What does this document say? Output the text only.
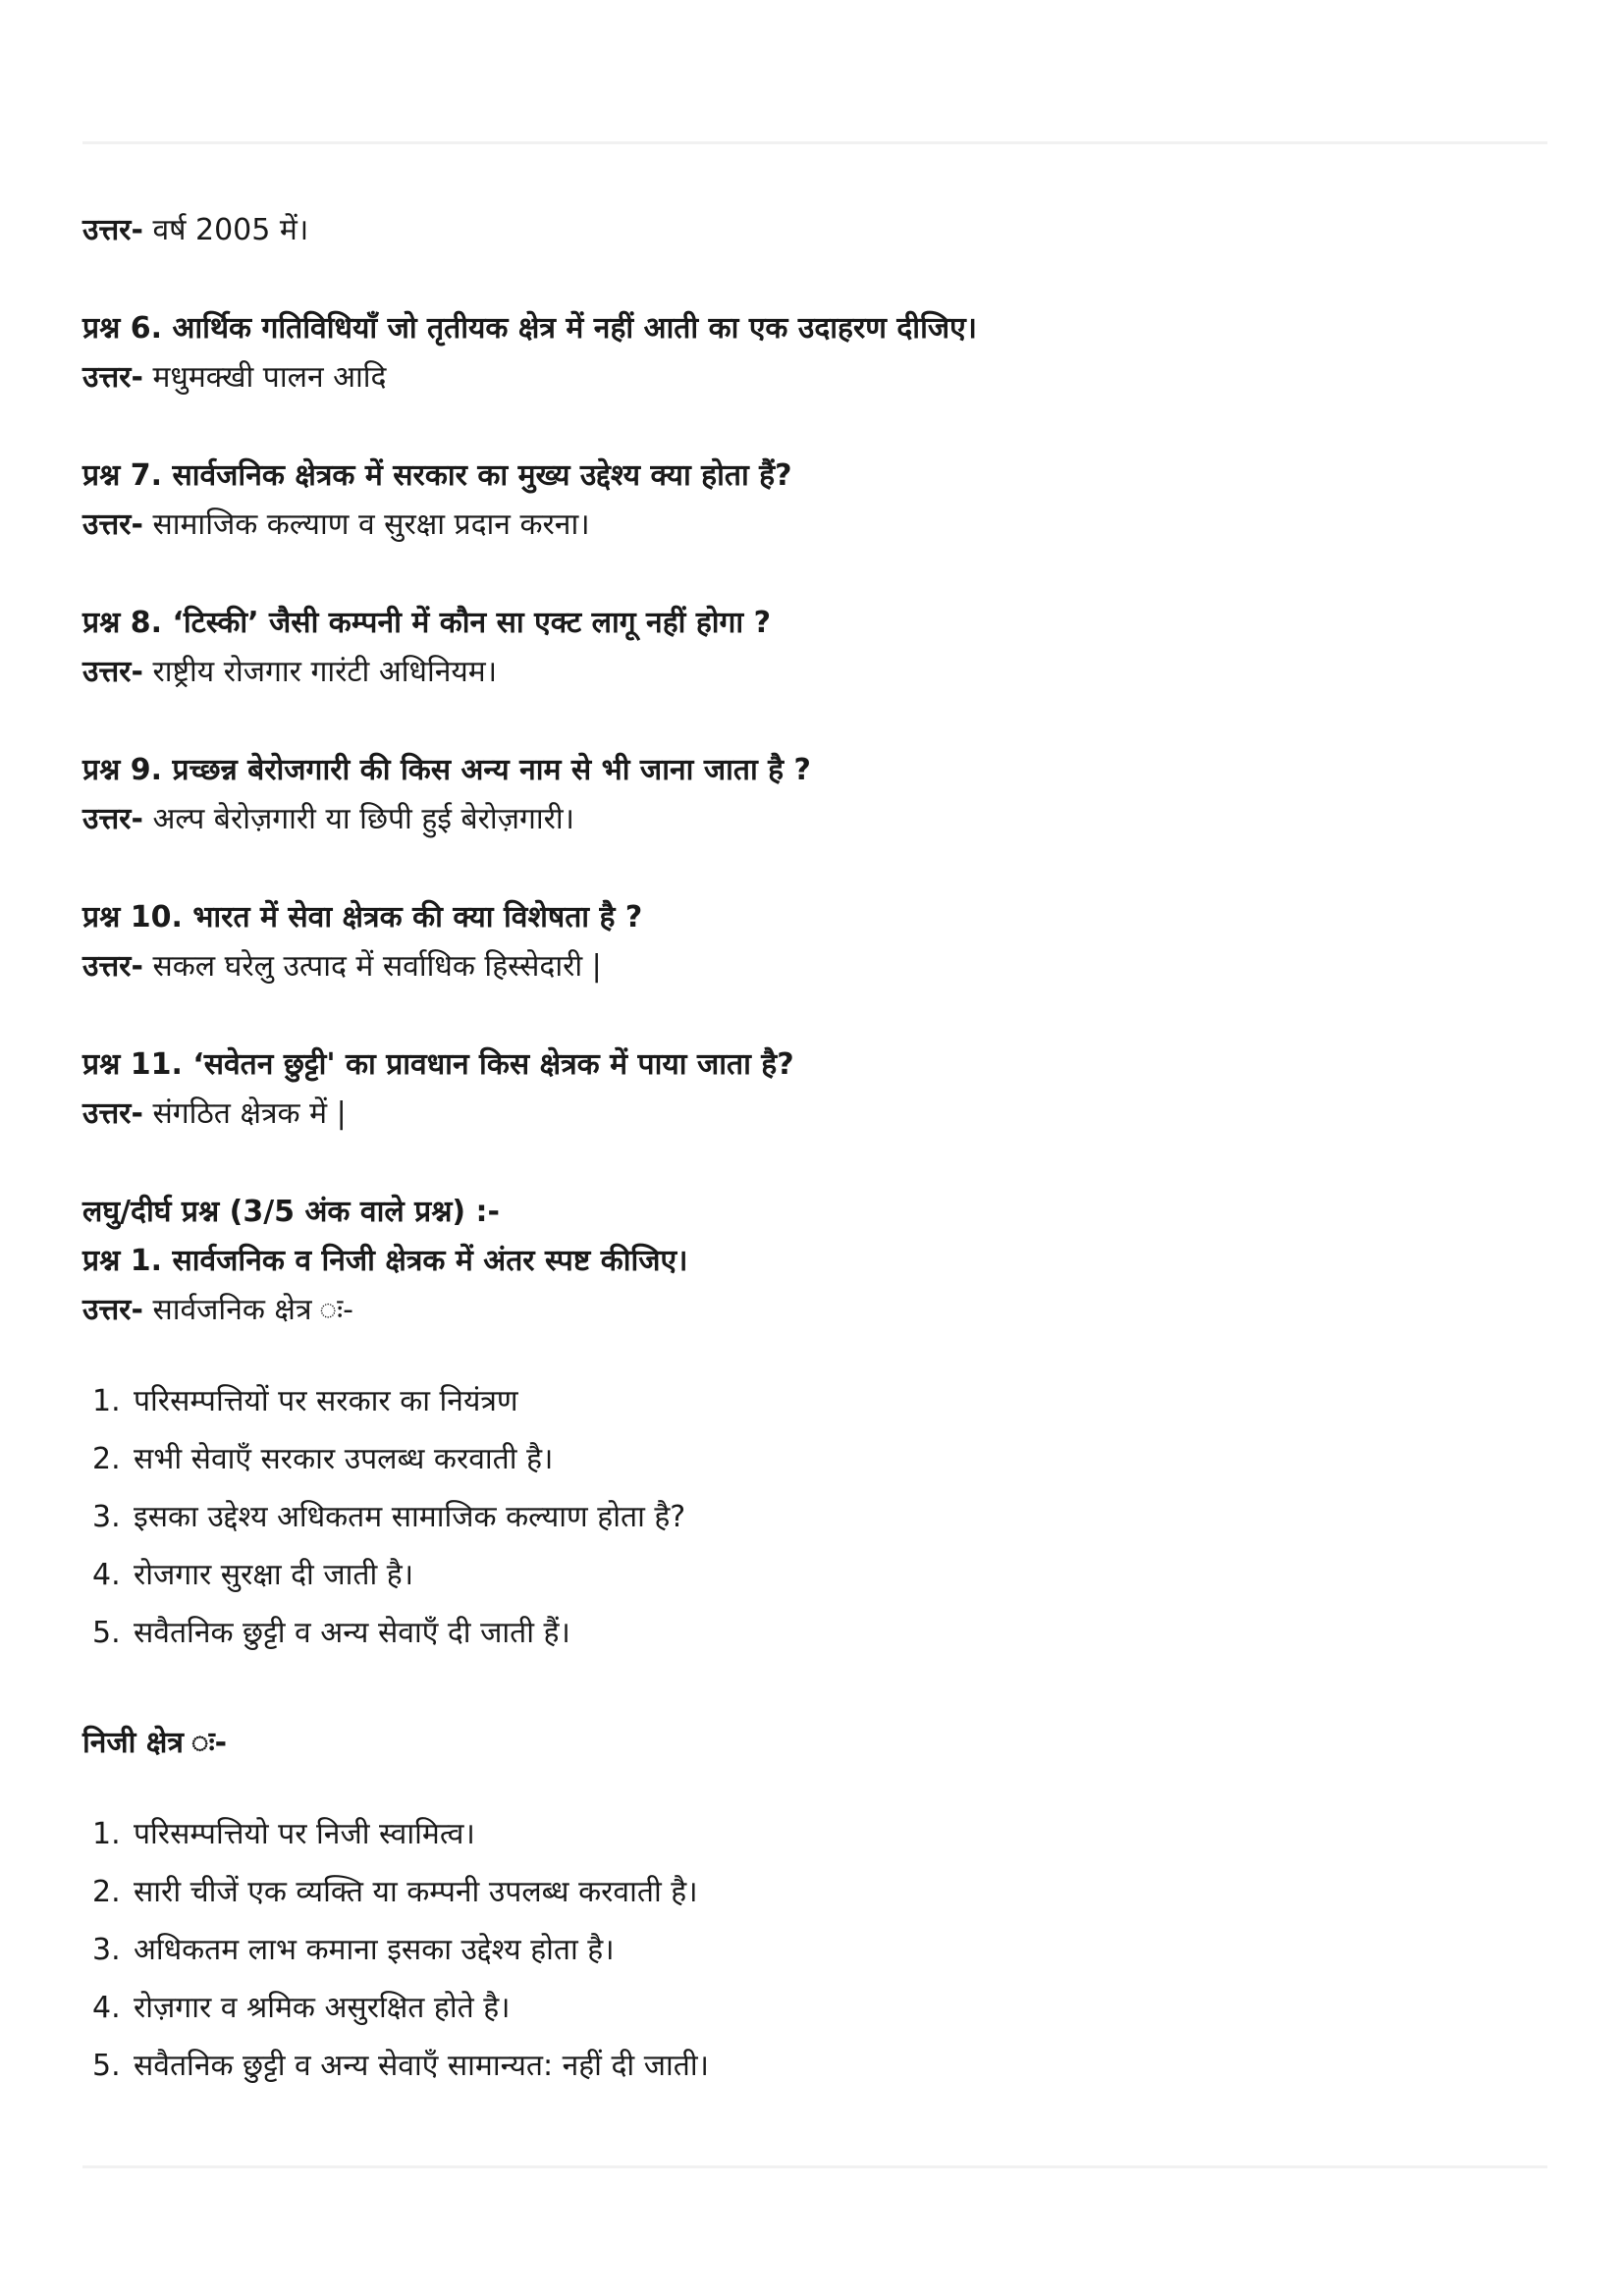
उत्तर- वर्ष 2005 में।
प्रश्न 6. आर्थिक गतिविधियाँ जो तृतीयक क्षेत्र में नहीं आती का एक उदाहरण दीजिए।
उत्तर- मधुमक्खी पालन आदि
प्रश्न 7. सार्वजनिक क्षेत्रक में सरकार का मुख्य उद्देश्य क्या होता हैं?
उत्तर- सामाजिक कल्याण व सुरक्षा प्रदान करना।
प्रश्न 8. ‘टिस्की’ जैसी कम्पनी में कौन सा एक्ट लागू नहीं होगा ?
उत्तर- राष्ट्रीय रोजगार गारंटी अधिनियम।
प्रश्न 9. प्रच्छन्न बेरोजगारी की किस अन्य नाम से भी जाना जाता है ?
उत्तर- अल्प बेरोज़गारी या छिपी हुई बेरोज़गारी।
प्रश्न 10. भारत में सेवा क्षेत्रक की क्या विशेषता है ?
उत्तर- सकल घरेलु उत्पाद में सर्वाधिक हिस्सेदारी |
प्रश्न 11. ‘सवेतन छुट्टी' का प्रावधान किस क्षेत्रक में पाया जाता है?
उत्तर- संगठित क्षेत्रक में |
लघु/दीर्घ प्रश्न (3/5 अंक वाले प्रश्न) :-
प्रश्न 1. सार्वजनिक व निजी क्षेत्रक में अंतर स्पष्ट कीजिए।
उत्तर- सार्वजनिक क्षेत्र ः-
1. परिसम्पत्तियों पर सरकार का नियंत्रण
2. सभी सेवाएँ सरकार उपलब्ध करवाती है।
3. इसका उद्देश्य अधिकतम सामाजिक कल्याण होता है?
4. रोजगार सुरक्षा दी जाती है।
5. सवैतनिक छुट्टी व अन्य सेवाएँ दी जाती हैं।
निजी क्षेत्र ः-
1. परिसम्पत्तियो पर निजी स्वामित्व।
2. सारी चीजें एक व्यक्ति या कम्पनी उपलब्ध करवाती है।
3. अधिकतम लाभ कमाना इसका उद्देश्य होता है।
4. रोज़गार व श्रमिक असुरक्षित होते है।
5. सवैतनिक छुट्टी व अन्य सेवाएँ सामान्यत: नहीं दी जाती।
